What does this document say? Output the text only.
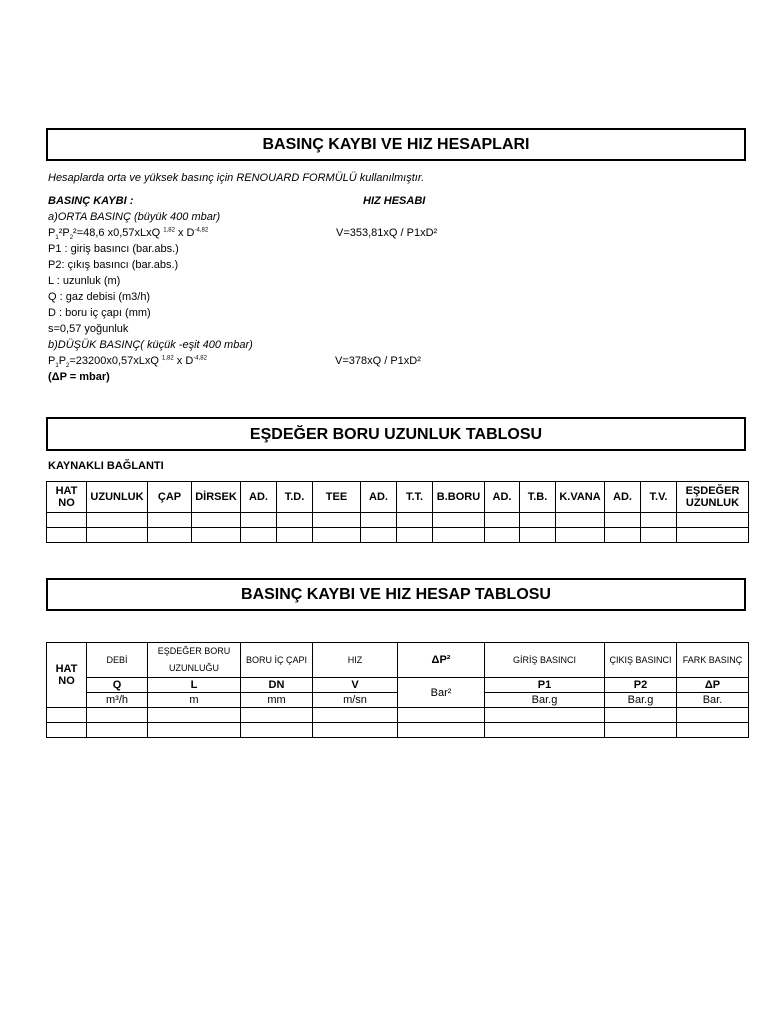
BASINÇ KAYBI VE HIZ HESAPLARI
Hesaplarda orta ve yüksek basınç için RENOUARD FORMÜLÜ kullanılmıştır.
BASINÇ KAYBI :	HIZ HESABI
a)ORTA BASINÇ (büyük 400 mbar)
$P_1^2P_2^2=48,6$ x0,57xLxQ $^{1,82}$ x $D^{-4,82}$	V=353,81xQ / P1xD²
P1 : giriş basıncı (bar.abs.)
P2: çıkış basıncı (bar.abs.)
L : uzunluk (m)
Q : gaz debisi (m3/h)
D : boru iç çapı (mm)
s=0,57 yoğunluk
b)DÜŞÜK BASINÇ( küçük -eşit 400 mbar)
$P_1P_2=23200x0,57xLxQ$ $^{1,82}$ x $D^{-4,82}$	V=378xQ / P1xD²
(ΔP = mbar)
EŞDEĞER BORU UZUNLUK TABLOSU
KAYNAKLI BAĞLANTI
HAT NO	UZUNLUK	ÇAP	DİRSEK	AD.	T.D.	TEE	AD.	T.T.	B.BORU	AD.	T.B.	K.VANA	AD.	T.V.	EŞDEĞER UZUNLUK

BASINÇ KAYBI VE HIZ HESAP TABLOSU
HAT NO	DEBİ	EŞDEĞER BORU UZUNLUĞU	BORU İÇ ÇAPI	HIZ	ΔP²	GİRİŞ BASINCI	ÇIKIŞ BASINCI	FARK BASINÇ
	Q	L	DN	V	Bar²	P1	P2	ΔP
	m³/h	m	mm	m/sn		Bar.g	Bar.g	Bar.
